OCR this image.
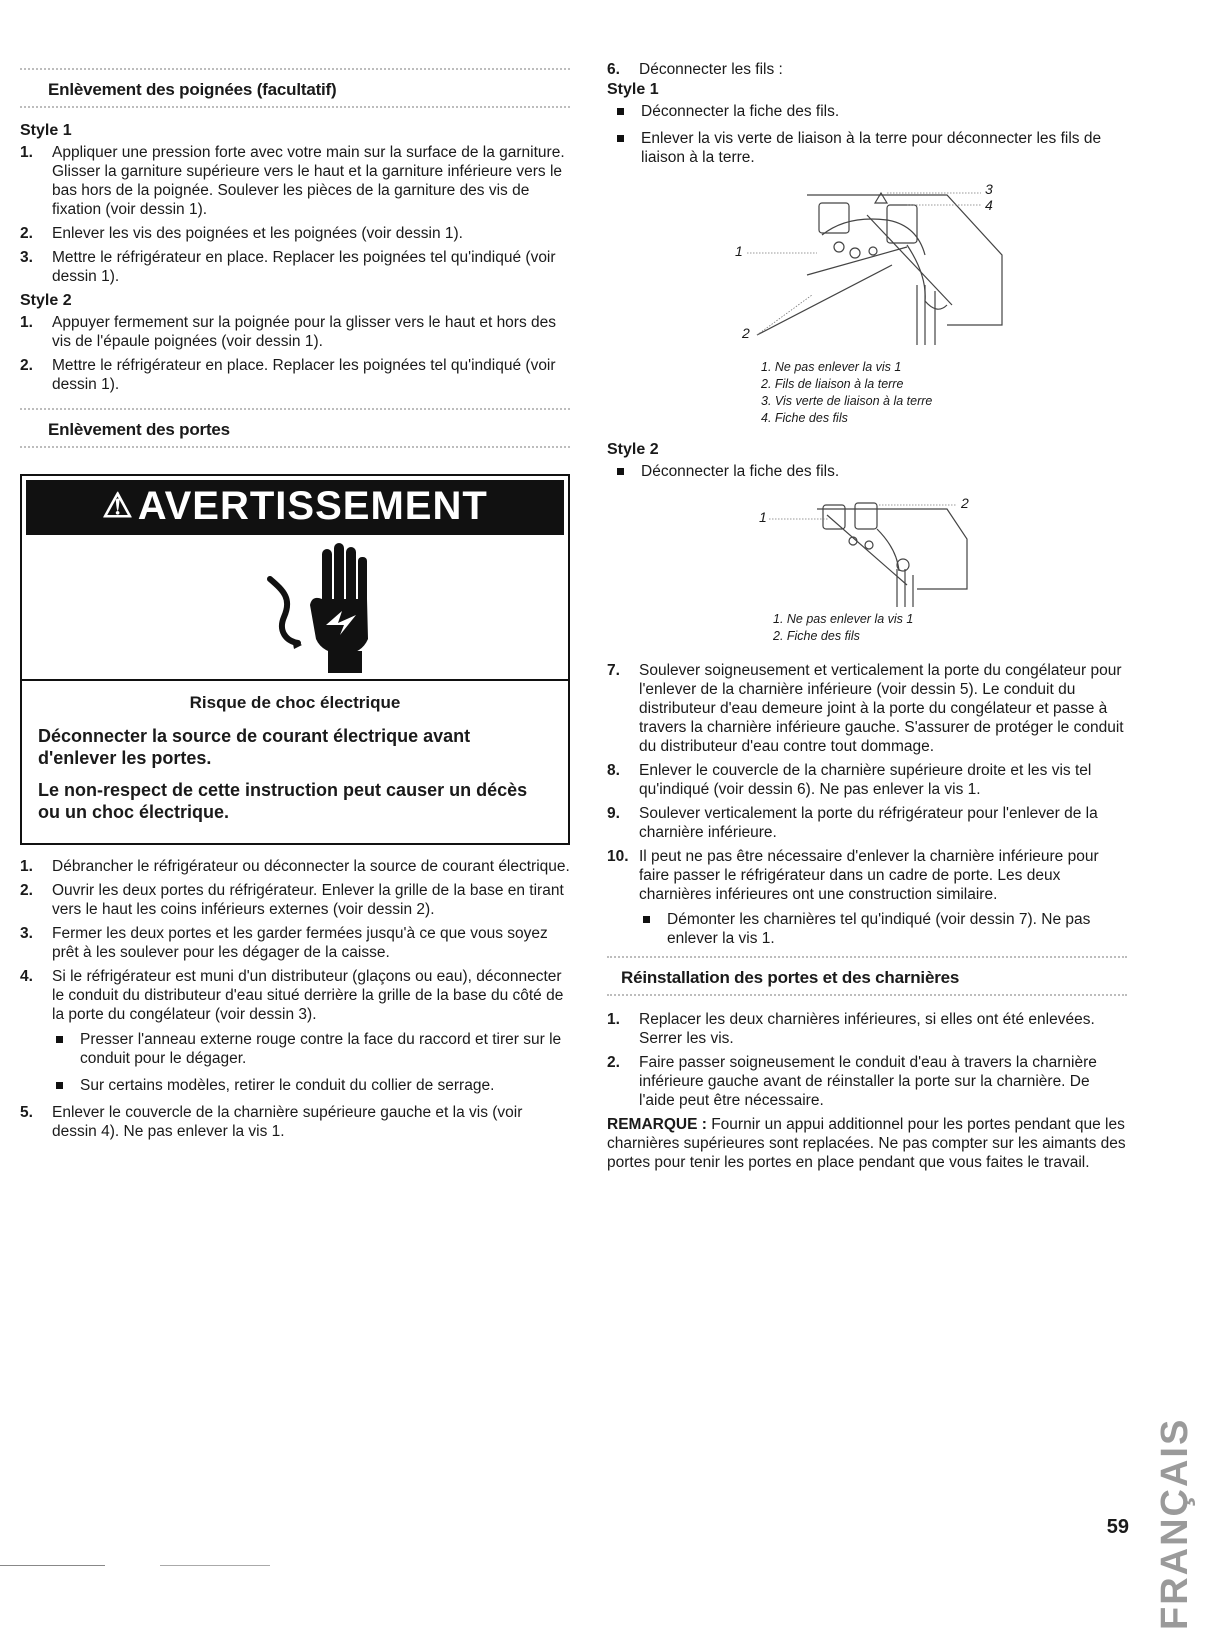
Enlèvement des poignées (facultatif)
Style 1
1. Appliquer une pression forte avec votre main sur la surface de la garniture. Glisser la garniture supérieure vers le haut et la garniture inférieure vers le bas hors de la poignée. Soulever les pièces de la garniture des vis de fixation (voir dessin 1).
2. Enlever les vis des poignées et les poignées (voir dessin 1).
3. Mettre le réfrigérateur en place. Replacer les poignées tel qu'indiqué (voir dessin 1).
Style 2
1. Appuyer fermement sur la poignée pour la glisser vers le haut et hors des vis de l'épaule poignées (voir dessin 1).
2. Mettre le réfrigérateur en place. Replacer les poignées tel qu'indiqué (voir dessin 1).
Enlèvement des portes
⚠ AVERTISSEMENT
Risque de choc électrique

Déconnecter la source de courant électrique avant d'enlever les portes.

Le non-respect de cette instruction peut causer un décès ou un choc électrique.

1. Débrancher le réfrigérateur ou déconnecter la source de courant électrique.
2. Ouvrir les deux portes du réfrigérateur. Enlever la grille de la base en tirant vers le haut les coins inférieurs externes (voir dessin 2).
3. Fermer les deux portes et les garder fermées jusqu'à ce que vous soyez prêt à les soulever pour les dégager de la caisse.
4. Si le réfrigérateur est muni d'un distributeur (glaçons ou eau), déconnecter le conduit du distributeur d'eau situé derrière la grille de la base du côté de la porte du congélateur (voir dessin 3).
Presser l'anneau externe rouge contre la face du raccord et tirer sur le conduit pour le dégager.
Sur certains modèles, retirer le conduit du collier de serrage.
5. Enlever le couvercle de la charnière supérieure gauche et la vis (voir dessin 4). Ne pas enlever la vis 1.
6. Déconnecter les fils :
Style 1
Déconnecter la fiche des fils.
Enlever la vis verte de liaison à la terre pour déconnecter les fils de liaison à la terre.
1
2
3
4
1. Ne pas enlever la vis 1
2. Fils de liaison à la terre
3. Vis verte de liaison à la terre
4. Fiche des fils
Style 2
Déconnecter la fiche des fils.
1
2
1. Ne pas enlever la vis 1
2. Fiche des fils
7. Soulever soigneusement et verticalement la porte du congélateur pour l'enlever de la charnière inférieure (voir dessin 5). Le conduit du distributeur d'eau demeure joint à la porte du congélateur et passe à travers la charnière inférieure gauche. S'assurer de protéger le conduit du distributeur d'eau contre tout dommage.
8. Enlever le couvercle de la charnière supérieure droite et les vis tel qu'indiqué (voir dessin 6). Ne pas enlever la vis 1.
9. Soulever verticalement la porte du réfrigérateur pour l'enlever de la charnière inférieure.
10. Il peut ne pas être nécessaire d'enlever la charnière inférieure pour faire passer le réfrigérateur dans un cadre de porte. Les deux charnières inférieures ont une construction similaire.
Démonter les charnières tel qu'indiqué (voir dessin 7). Ne pas enlever la vis 1.
Réinstallation des portes et des charnières
1. Replacer les deux charnières inférieures, si elles ont été enlevées. Serrer les vis.
2. Faire passer soigneusement le conduit d'eau à travers la charnière inférieure gauche avant de réinstaller la porte sur la charnière. De l'aide peut être nécessaire.
REMARQUE : Fournir un appui additionnel pour les portes pendant que les charnières supérieures sont replacées. Ne pas compter sur les aimants des portes pour tenir les portes en place pendant que vous faites le travail.
FRANÇAIS
59
